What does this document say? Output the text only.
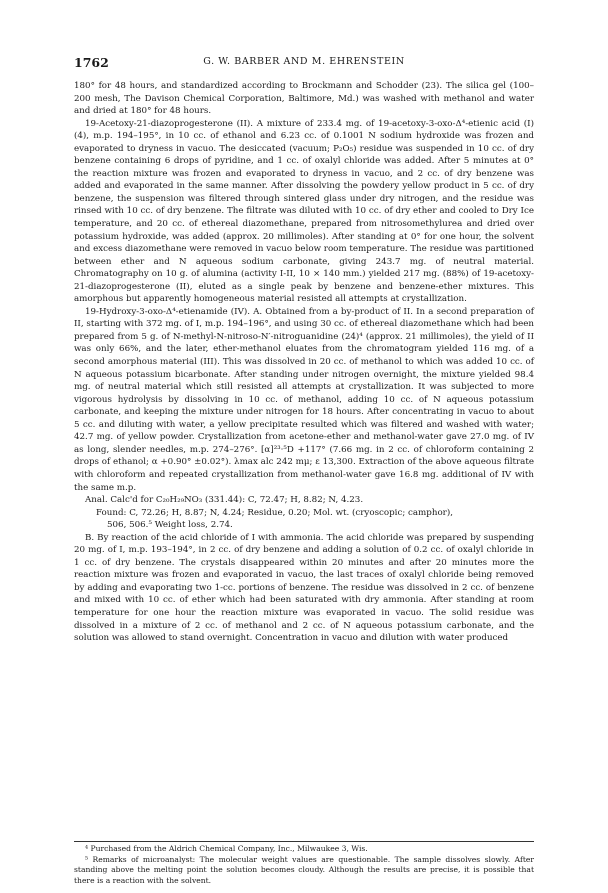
1762	G. W. BARBER AND M. EHRENSTEIN

180° for 48 hours, and standardized according to Brockmann and Schodder (23). The silica gel (100–200 mesh, The Davison Chemical Corporation, Baltimore, Md.) was washed with methanol and water and dried at 180° for 48 hours.

19-Acetoxy-21-diazoprogesterone (II). A mixture of 233.4 mg. of 19-acetoxy-3-oxo-Δ⁴-etienic acid (I) (4), m.p. 194–195°, in 10 cc. of ethanol and 6.23 cc. of 0.1001 N sodium hydroxide was frozen and evaporated to dryness in vacuo. The desiccated (vacuum; P₂O₅) residue was suspended in 10 cc. of dry benzene containing 6 drops of pyridine, and 1 cc. of oxalyl chloride was added. After 5 minutes at 0° the reaction mixture was frozen and evaporated to dryness in vacuo, and 2 cc. of dry benzene was added and evaporated in the same manner. After dissolving the powdery yellow product in 5 cc. of dry benzene, the suspension was filtered through sintered glass under dry nitrogen, and the residue was rinsed with 10 cc. of dry benzene. The filtrate was diluted with 10 cc. of dry ether and cooled to Dry Ice temperature, and 20 cc. of ethereal diazomethane, prepared from nitrosomethylurea and dried over potassium hydroxide, was added (approx. 20 millimoles). After standing at 0° for one hour, the solvent and excess diazomethane were removed in vacuo below room temperature. The residue was partitioned between ether and N aqueous sodium carbonate, giving 243.7 mg. of neutral material. Chromatography on 10 g. of alumina (activity I-II, 10 × 140 mm.) yielded 217 mg. (88%) of 19-acetoxy-21-diazoprogesterone (II), eluted as a single peak by benzene and benzene-ether mixtures. This amorphous but apparently homogeneous material resisted all attempts at crystallization.

19-Hydroxy-3-oxo-Δ⁴-etienamide (IV). A. Obtained from a by-product of II. In a second preparation of II, starting with 372 mg. of I, m.p. 194–196°, and using 30 cc. of ethereal diazomethane which had been prepared from 5 g. of N-methyl-N-nitroso-N′-nitroguanidine (24)⁴ (approx. 21 millimoles), the yield of II was only 66%, and the later, ether-methanol eluates from the chromatogram yielded 116 mg. of a second amorphous material (III). This was dissolved in 20 cc. of methanol to which was added 10 cc. of N aqueous potassium bicarbonate. After standing under nitrogen overnight, the mixture yielded 98.4 mg. of neutral material which still resisted all attempts at crystallization. It was subjected to more vigorous hydrolysis by dissolving in 10 cc. of methanol, adding 10 cc. of N aqueous potassium carbonate, and keeping the mixture under nitrogen for 18 hours. After concentrating in vacuo to about 5 cc. and diluting with water, a yellow precipitate resulted which was filtered and washed with water; 42.7 mg. of yellow powder. Crystallization from acetone-ether and methanol-water gave 27.0 mg. of IV as long, slender needles, m.p. 274–276°. [α]²³·⁵D +117° (7.66 mg. in 2 cc. of chloroform containing 2 drops of ethanol; α +0.90° ±0.02°). λmax alc 242 mμ; ε 13,300. Extraction of the above aqueous filtrate with chloroform and repeated crystallization from methanol-water gave 16.8 mg. additional of IV with the same m.p.

Anal. Calc'd for C₂₀H₂₉NO₃ (331.44): C, 72.47; H, 8.82; N, 4.23.

Found: C, 72.26; H, 8.87; N, 4.24; Residue, 0.20; Mol. wt. (cryoscopic; camphor),

506, 506.⁵ Weight loss, 2.74.

B. By reaction of the acid chloride of I with ammonia. The acid chloride was prepared by suspending 20 mg. of I, m.p. 193–194°, in 2 cc. of dry benzene and adding a solution of 0.2 cc. of oxalyl chloride in 1 cc. of dry benzene. The crystals disappeared within 20 minutes and after 20 minutes more the reaction mixture was frozen and evaporated in vacuo, the last traces of oxalyl chloride being removed by adding and evaporating two 1-cc. portions of benzene. The residue was dissolved in 2 cc. of benzene and mixed with 10 cc. of ether which had been saturated with dry ammonia. After standing at room temperature for one hour the reaction mixture was evaporated in vacuo. The solid residue was dissolved in a mixture of 2 cc. of methanol and 2 cc. of N aqueous potassium carbonate, and the solution was allowed to stand overnight. Concentration in vacuo and dilution with water produced

⁴ Purchased from the Aldrich Chemical Company, Inc., Milwaukee 3, Wis.

⁵ Remarks of microanalyst: The molecular weight values are questionable. The sample dissolves slowly. After standing above the melting point the solution becomes cloudy. Although the results are precise, it is possible that there is a reaction with the solvent.
